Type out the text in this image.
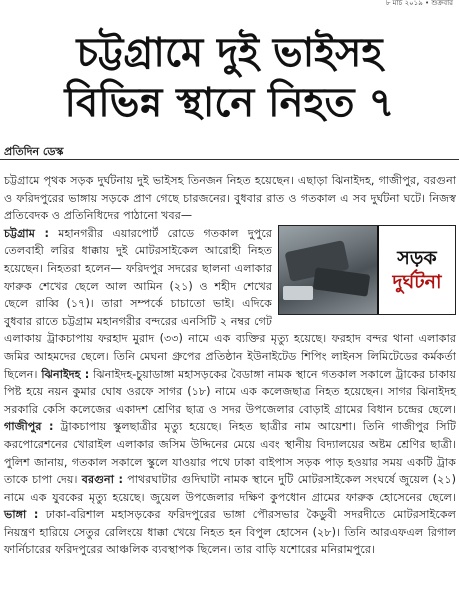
৮ মার্চ ২০১৯ • শুক্রবার
চট্টগ্রামে দুই ভাইসহ
বিভিন্ন স্থানে নিহত ৭
প্রতিদিন ডেস্ক

চট্টগ্রামে পৃথক সড়ক দুর্ঘটনায় দুই ভাইসহ তিনজন নিহত হয়েছেন। এছাড়া ঝিনাইদহ, গাজীপুর, বরগুনা ও ফরিদপুরের ভাঙ্গায় সড়কে প্রাণ গেছে চারজনের। বুধবার রাত ও গতকাল এ সব দুর্ঘটনা ঘটে। নিজস্ব প্রতিবেদক ও প্রতিনিধিদের পাঠানো খবর—

সড়ক
দুর্ঘটনা
চট্টগ্রাম : মহানগরীর এয়ারপোর্ট রোডে গতকাল দুপুরে তেলবাহী লরির ধাক্কায় দুই মোটরসাইকেল আরোহী নিহত হয়েছেন। নিহতরা হলেন— ফরিদপুর সদরের ছালনা এলাকার ফারুক শেখের ছেলে আল আমিন (২১) ও শহীদ শেখের ছেলে রাব্বি (১৭)। তারা সম্পর্কে চাচাতো ভাই। এদিকে বুধবার রাতে চট্টগ্রাম মহানগরীর বন্দরের এনসিটি ২ নম্বর গেট এলাকায় ট্রাকচাপায় ফরহাদ মুরাদ (৩৩) নামে এক ব্যক্তির মৃত্যু হয়েছে। ফরহাদ বন্দর থানা এলাকার জমির আহমদের ছেলে। তিনি মেঘনা গ্রুপের প্রতিষ্ঠান ইউনাইটেড শিপিং লাইনস লিমিটেডের কর্মকর্তা ছিলেন। ঝিনাইদহ : ঝিনাইদহ-চুয়াডাঙ্গা মহাসড়কের বৈডাঙ্গা নামক স্থানে গতকাল সকালে ট্রাকের চাকায় পিষ্ট হয়ে নয়ন কুমার ঘোষ ওরফে সাগর (১৮) নামে এক কলেজছাত্র নিহত হয়েছেন। সাগর ঝিনাইদহ সরকারি কেসি কলেজের একাদশ শ্রেণির ছাত্র ও সদর উপজেলার বোড়াই গ্রামের বিধান চন্দ্রের ছেলে। গাজীপুর : ট্রাকচাপায় স্কুলছাত্রীর মৃত্যু হয়েছে। নিহত ছাত্রীর নাম আয়েশা। তিনি গাজীপুর সিটি করপোরেশনের খোরাইল এলাকার জসিম উদ্দিনের মেয়ে এবং স্থানীয় বিদ্যালয়ের অষ্টম শ্রেণির ছাত্রী। পুলিশ জানায়, গতকাল সকালে স্কুলে যাওয়ার পথে ঢাকা বাইপাস সড়ক পাড় হওয়ার সময় একটি ট্রাক তাকে চাপা দেয়। বরগুনা : পাথরঘাটার গুদিঘাটা নামক স্থানে দুটি মোটরসাইকেল সংঘর্ষে জুয়েল (২১) নামে এক যুবকের মৃত্যু হয়েছে। জুয়েল উপজেলার দক্ষিণ কুপধোন গ্রামের ফারুক হোসেনের ছেলে। ভাঙ্গা : ঢাকা-বরিশাল মহাসড়কের ফরিদপুরের ভাঙ্গা পৌরসভার কৈডুবী সদরদীতে মোটরসাইকেল নিয়ন্ত্রণ হারিয়ে সেতুর রেলিংয়ে ধাক্কা খেয়ে নিহত হন বিপুল হোসেন (২৮)। তিনি আরএফএল রিগাল ফার্নিচারের ফরিদপুরের আঞ্চলিক ব্যবস্থাপক ছিলেন। তার বাড়ি যশোরের মনিরামপুরে।
